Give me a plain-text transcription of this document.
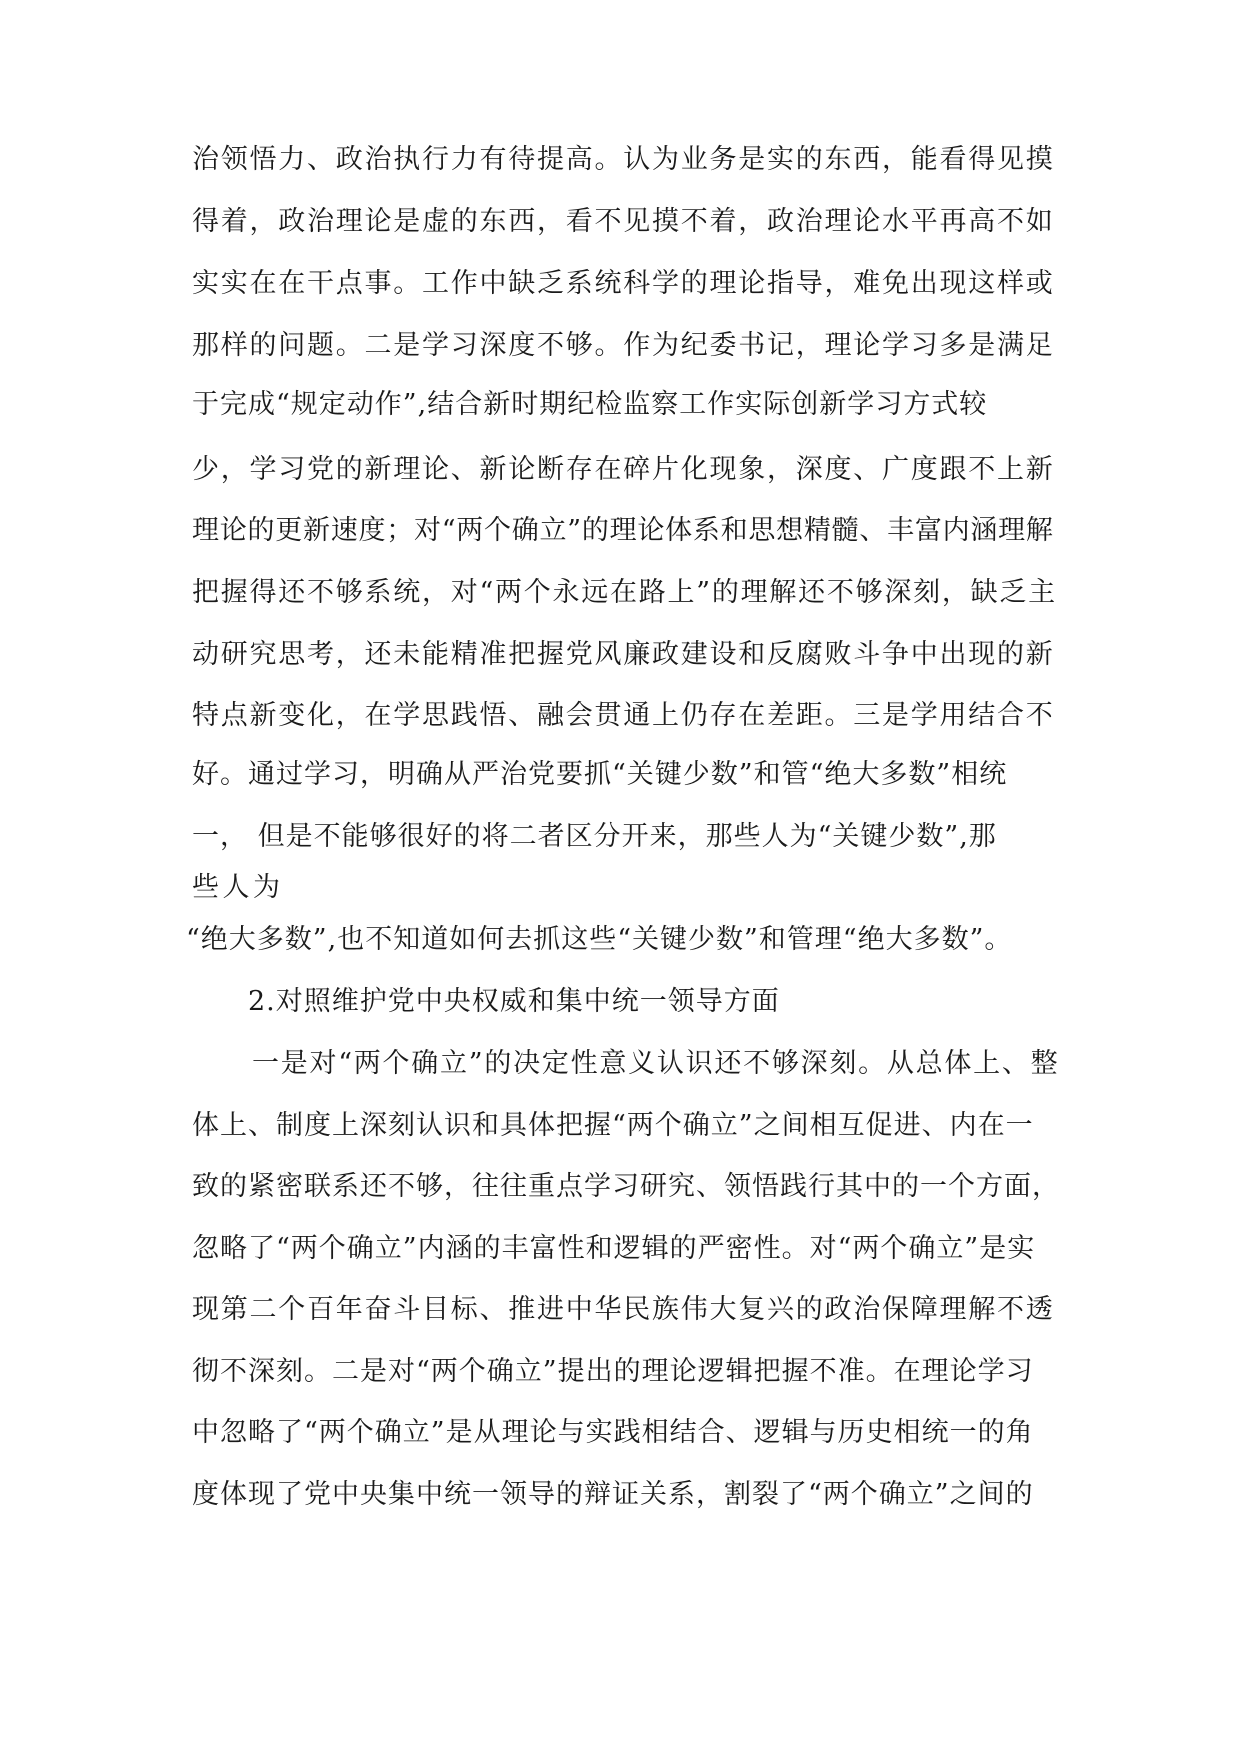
治领悟力、政治执行力有待提高。认为业务是实的东西，能看得见摸
得着，政治理论是虚的东西，看不见摸不着，政治理论水平再高不如
实实在在干点事。工作中缺乏系统科学的理论指导，难免出现这样或
那样的问题。二是学习深度不够。作为纪委书记，理论学习多是满足
于完成“规定动作”,结合新时期纪检监察工作实际创新学习方式较
少，学习党的新理论、新论断存在碎片化现象，深度、广度跟不上新
理论的更新速度；对“两个确立”的理论体系和思想精髓、丰富内涵理解
把握得还不够系统，对“两个永远在路上”的理解还不够深刻，缺乏主
动研究思考，还未能精准把握党风廉政建设和反腐败斗争中出现的新
特点新变化，在学思践悟、融会贯通上仍存在差距。三是学用结合不
好。通过学习，明确从严治党要抓“关键少数”和管“绝大多数”相统
一， 但是不能够很好的将二者区分开来，那些人为“关键少数”,那
些人为
“绝大多数”,也不知道如何去抓这些“关键少数”和管理“绝大多数”。
2.对照维护党中央权威和集中统一领导方面
一是对“两个确立”的决定性意义认识还不够深刻。从总体上、整
体上、制度上深刻认识和具体把握“两个确立”之间相互促进、内在一
致的紧密联系还不够，往往重点学习研究、领悟践行其中的一个方面，
忽略了“两个确立”内涵的丰富性和逻辑的严密性。对“两个确立”是实
现第二个百年奋斗目标、推进中华民族伟大复兴的政治保障理解不透
彻不深刻。二是对“两个确立”提出的理论逻辑把握不准。在理论学习
中忽略了“两个确立”是从理论与实践相结合、逻辑与历史相统一的角
度体现了党中央集中统一领导的辩证关系，割裂了“两个确立”之间的
